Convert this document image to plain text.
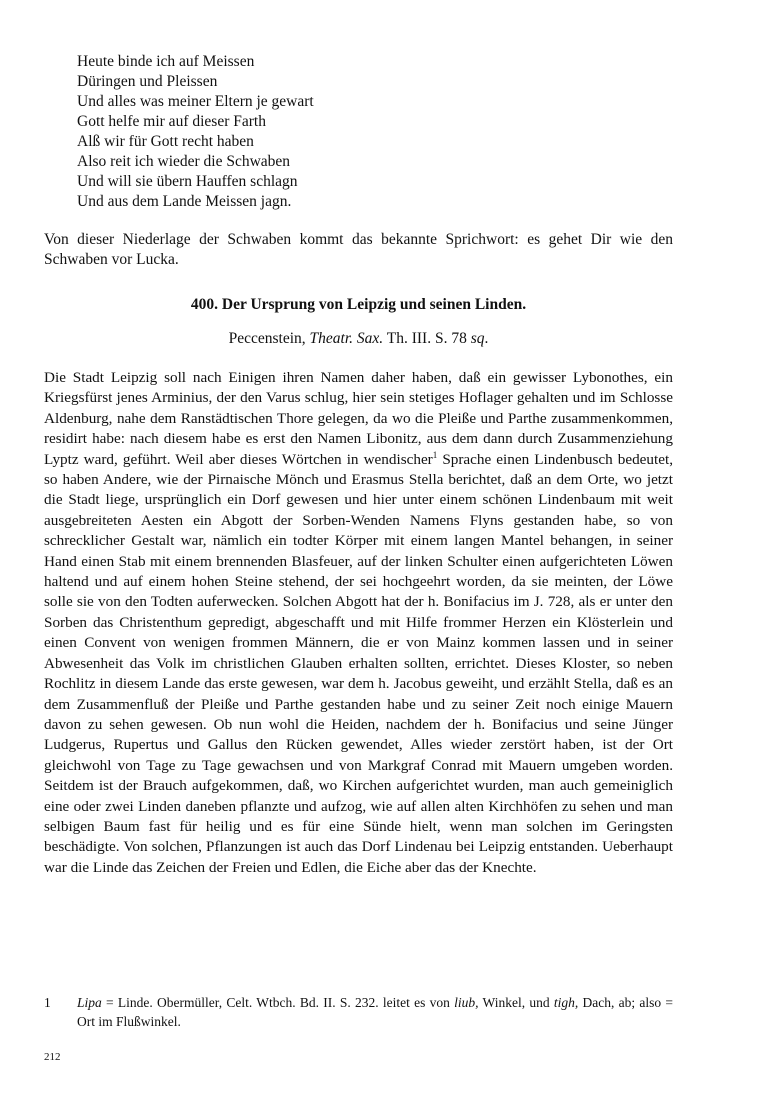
Heute binde ich auf Meissen
Düringen und Pleissen
Und alles was meiner Eltern je gewart
Gott helfe mir auf dieser Farth
Alß wir für Gott recht haben
Also reit ich wieder die Schwaben
Und will sie übern Hauffen schlagn
Und aus dem Lande Meissen jagn.

Von dieser Niederlage der Schwaben kommt das bekannte Sprichwort: es gehet Dir wie den Schwaben vor Lucka.

400. Der Ursprung von Leipzig und seinen Linden.
Peccenstein, Theatr. Sax. Th. III. S. 78 sq.

Die Stadt Leipzig soll nach Einigen ihren Namen daher haben, daß ein gewisser Lybonothes, ein Kriegsfürst jenes Arminius, der den Varus schlug, hier sein stetiges Hoflager gehalten und im Schlosse Aldenburg, nahe dem Ranstädtischen Thore gelegen, da wo die Pleiße und Parthe zusammenkommen, residirt habe: nach diesem habe es erst den Namen Libonitz, aus dem dann durch Zusammenziehung Lyptz ward, geführt. Weil aber dieses Wörtchen in wendischer$^1$ Sprache einen Lindenbusch bedeutet, so haben Andere, wie der Pirnaische Mönch und Erasmus Stella berichtet, daß an dem Orte, wo jetzt die Stadt liege, ursprünglich ein Dorf gewesen und hier unter einem schönen Lindenbaum mit weit ausgebreiteten Aesten ein Abgott der Sorben-Wenden Namens Flyns gestanden habe, so von schrecklicher Gestalt war, nämlich ein todter Körper mit einem langen Mantel behangen, in seiner Hand einen Stab mit einem brennenden Blasfeuer, auf der linken Schulter einen aufgerichteten Löwen haltend und auf einem hohen Steine stehend, der sei hochgeehrt worden, da sie meinten, der Löwe solle sie von den Todten auferwecken. Solchen Abgott hat der h. Bonifacius im J. 728, als er unter den Sorben das Christenthum gepredigt, abgeschafft und mit Hilfe frommer Herzen ein Klösterlein und einen Convent von wenigen frommen Männern, die er von Mainz kommen lassen und in seiner Abwesenheit das Volk im christlichen Glauben erhalten sollten, errichtet. Dieses Kloster, so neben Rochlitz in diesem Lande das erste gewesen, war dem h. Jacobus geweiht, und erzählt Stella, daß es an dem Zusammenfluß der Pleiße und Parthe gestanden habe und zu seiner Zeit noch einige Mauern davon zu sehen gewesen. Ob nun wohl die Heiden, nachdem der h. Bonifacius und seine Jünger Ludgerus, Rupertus und Gallus den Rücken gewendet, Alles wieder zerstört haben, ist der Ort gleichwohl von Tage zu Tage gewachsen und von Markgraf Conrad mit Mauern umgeben worden. Seitdem ist der Brauch aufgekommen, daß, wo Kirchen aufgerichtet wurden, man auch gemeiniglich eine oder zwei Linden daneben pflanzte und aufzog, wie auf allen alten Kirchhöfen zu sehen und man selbigen Baum fast für heilig und es für eine Sünde hielt, wenn man solchen im Geringsten beschädigte. Von solchen, Pflanzungen ist auch das Dorf Lindenau bei Leipzig entstanden. Ueberhaupt war die Linde das Zeichen der Freien und Edlen, die Eiche aber das der Knechte.

1 Lipa = Linde. Obermüller, Celt. Wtbch. Bd. II. S. 232. leitet es von liub, Winkel, und tigh, Dach, ab; also = Ort im Flußwinkel.
212
